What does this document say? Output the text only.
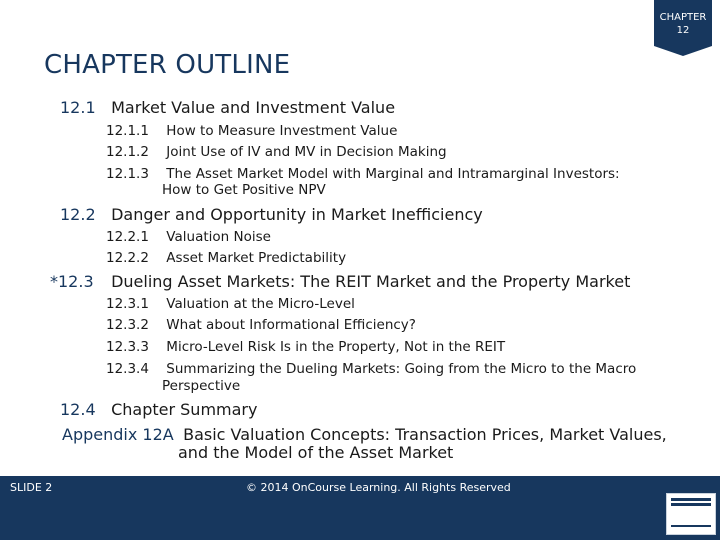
CHAPTER
12
CHAPTER OUTLINE
12.1 Market Value and Investment Value
12.1.1 How to Measure Investment Value
12.1.2 Joint Use of IV and MV in Decision Making
12.1.3 The Asset Market Model with Marginal and Intramarginal Investors:
How to Get Positive NPV
12.2 Danger and Opportunity in Market Inefficiency
12.2.1 Valuation Noise
12.2.2 Asset Market Predictability
*12.3 Dueling Asset Markets: The REIT Market and the Property Market
12.3.1 Valuation at the Micro-Level
12.3.2 What about Informational Efficiency?
12.3.3 Micro-Level Risk Is in the Property, Not in the REIT
12.3.4 Summarizing the Dueling Markets: Going from the Micro to the Macro
Perspective
12.4 Chapter Summary
Appendix 12A Basic Valuation Concepts: Transaction Prices, Market Values,
and the Model of the Asset Market
SLIDE 2	© 2014 OnCourse Learning. All Rights Reserved
